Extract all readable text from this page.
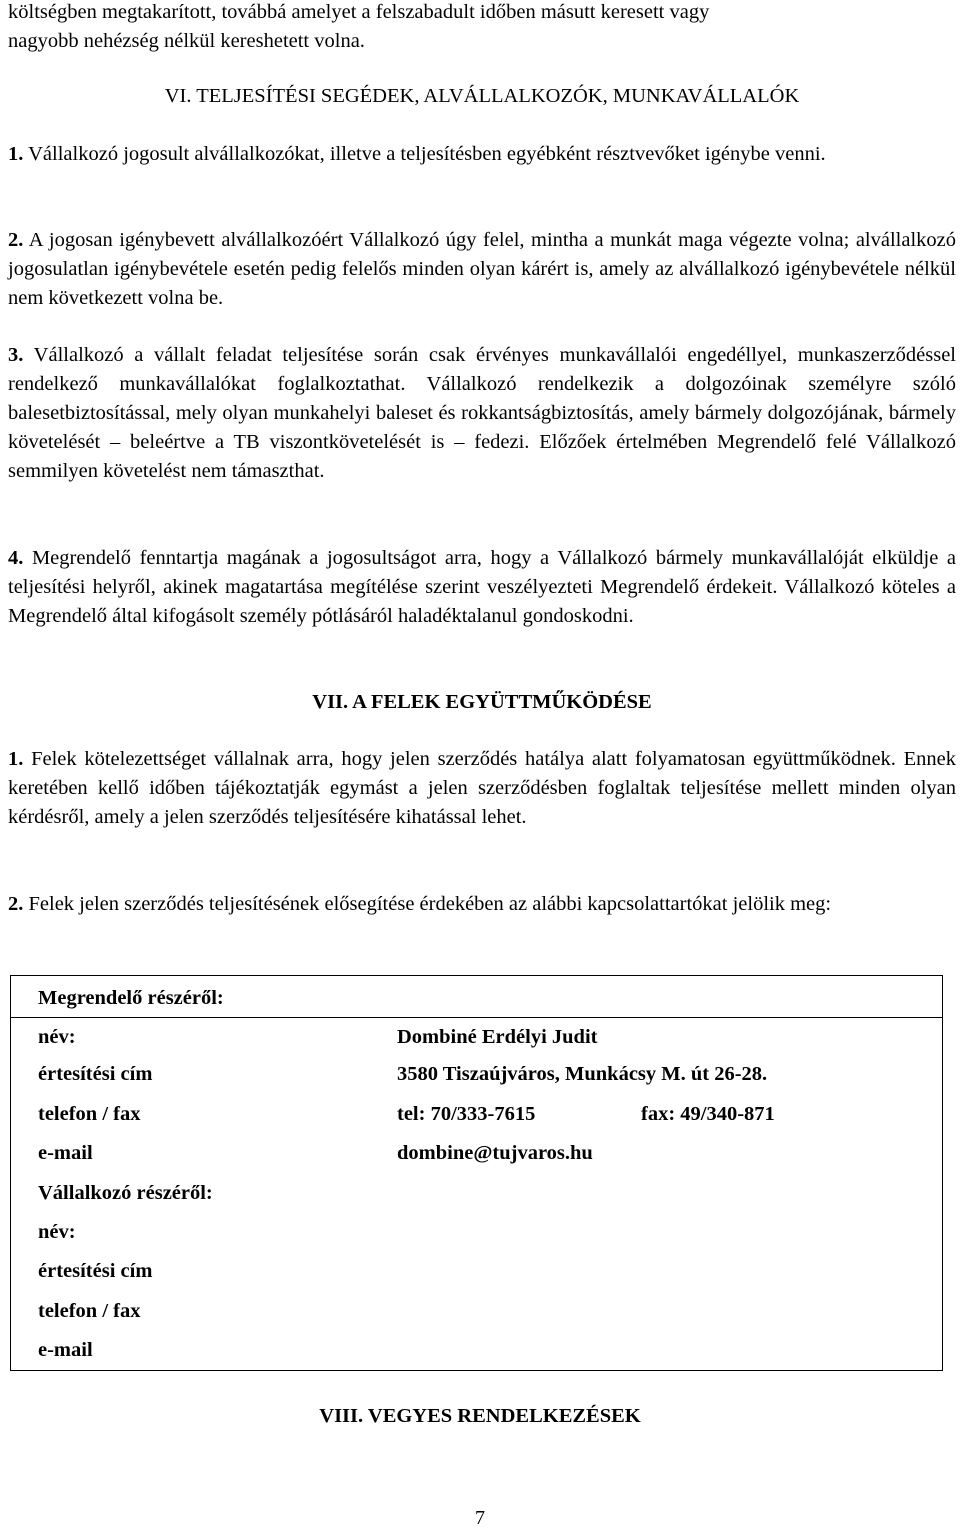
költségben megtakarított, továbbá amelyet a felszabadult időben másutt keresett vagy

nagyobb nehézség nélkül kereshetett volna.

VI. TELJESÍTÉSI SEGÉDEK, ALVÁLLALKOZÓK, MUNKAVÁLLALÓK

1. Vállalkozó jogosult alvállalkozókat, illetve a teljesítésben egyébként résztvevőket igénybe venni.

2. A jogosan igénybevett alvállalkozóért Vállalkozó úgy felel, mintha a munkát maga végezte volna; alvállalkozó jogosulatlan igénybevétele esetén pedig felelős minden olyan kárért is, amely az alvállalkozó igénybevétele nélkül nem következett volna be.

3. Vállalkozó a vállalt feladat teljesítése során csak érvényes munkavállalói engedéllyel, munkaszerződéssel rendelkező munkavállalókat foglalkoztathat. Vállalkozó rendelkezik a dolgozóinak személyre szóló balesetbiztosítással, mely olyan munkahelyi baleset és rokkantságbiztosítás, amely bármely dolgozójának, bármely követelését – beleértve a TB viszontkövetelését is – fedezi. Előzőek értelmében Megrendelő felé Vállalkozó semmilyen követelést nem támaszthat.

4. Megrendelő fenntartja magának a jogosultságot arra, hogy a Vállalkozó bármely munkavállalóját elküldje a teljesítési helyről, akinek magatartása megítélése szerint veszélyezteti Megrendelő érdekeit. Vállalkozó köteles a Megrendelő által kifogásolt személy pótlásáról haladéktalanul gondoskodni.

VII. A FELEK EGYÜTTMŰKÖDÉSE

1. Felek kötelezettséget vállalnak arra, hogy jelen szerződés hatálya alatt folyamatosan együttműködnek. Ennek keretében kellő időben tájékoztatják egymást a jelen szerződésben foglaltak teljesítése mellett minden olyan kérdésről, amely a jelen szerződés teljesítésére kihatással lehet.

2. Felek jelen szerződés teljesítésének elősegítése érdekében az alábbi kapcsolattartókat jelölik meg:

Megrendelő részéről:
név:	Dombiné Erdélyi Judit
értesítési cím	3580 Tiszaújváros, Munkácsy M. út 26-28.
telefon / fax	tel: 70/333-7615	fax: 49/340-871
e-mail	dombine@tujvaros.hu
Vállalkozó részéről:
név:
értesítési cím
telefon / fax
e-mail

VIII. VEGYES RENDELKEZÉSEK

7
